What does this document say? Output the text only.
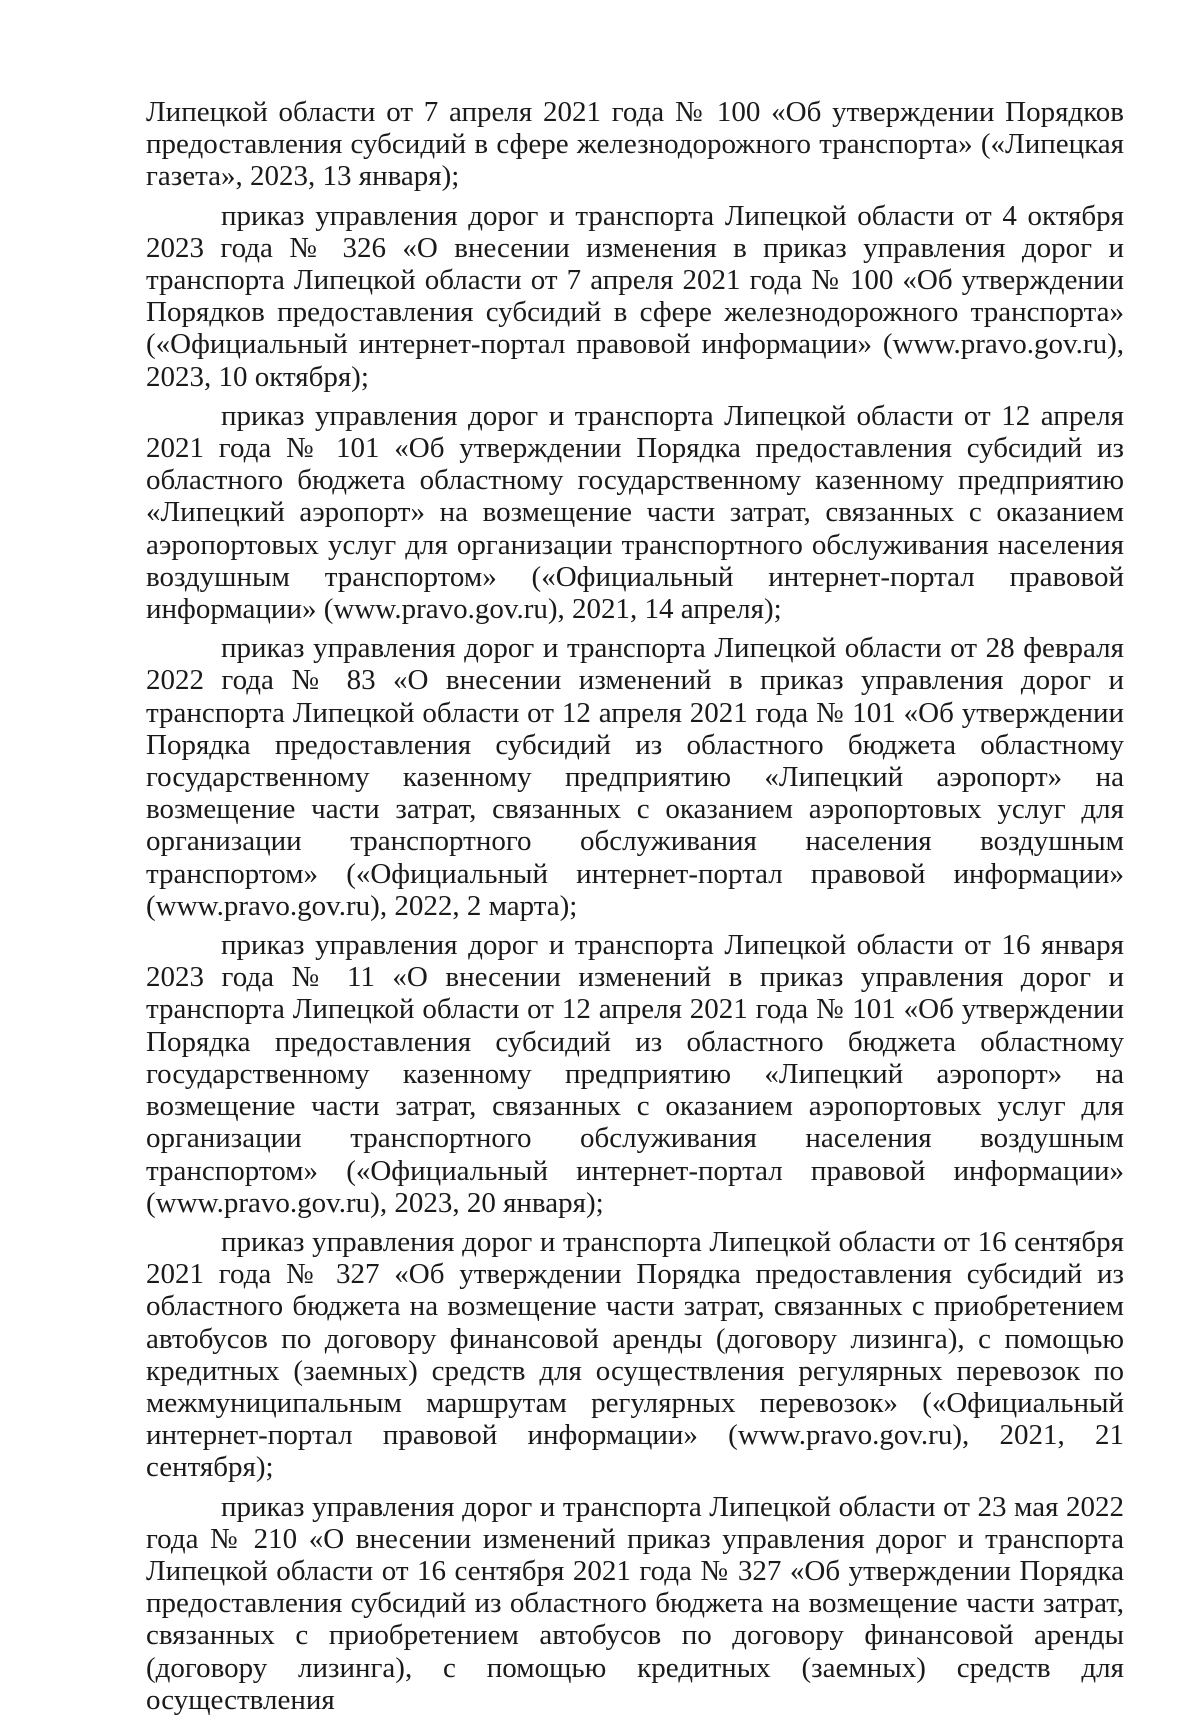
Липецкой области от 7 апреля 2021 года № 100 «Об утверждении Порядков предоставления субсидий в сфере железнодорожного транспорта» («Липецкая газета», 2023, 13 января);

приказ управления дорог и транспорта Липецкой области от 4 октября 2023 года № 326 «О внесении изменения в приказ управления дорог и транспорта Липецкой области от 7 апреля 2021 года № 100 «Об утверждении Порядков предоставления субсидий в сфере железнодорожного транспорта» («Официальный интернет-портал правовой информации» (www.pravo.gov.ru), 2023, 10 октября);

приказ управления дорог и транспорта Липецкой области от 12 апреля 2021 года № 101 «Об утверждении Порядка предоставления субсидий из областного бюджета областному государственному казенному предприятию «Липецкий аэропорт» на возмещение части затрат, связанных с оказанием аэропортовых услуг для организации транспортного обслуживания населения воздушным транспортом» («Официальный интернет-портал правовой информации» (www.pravo.gov.ru), 2021, 14 апреля);

приказ управления дорог и транспорта Липецкой области от 28 февраля 2022 года № 83 «О внесении изменений в приказ управления дорог и транспорта Липецкой области от 12 апреля 2021 года № 101 «Об утверждении Порядка предоставления субсидий из областного бюджета областному государственному казенному предприятию «Липецкий аэропорт» на возмещение части затрат, связанных с оказанием аэропортовых услуг для организации транспортного обслуживания населения воздушным транспортом» («Официальный интернет-портал правовой информации» (www.pravo.gov.ru), 2022, 2 марта);

приказ управления дорог и транспорта Липецкой области от 16 января 2023 года № 11 «О внесении изменений в приказ управления дорог и транспорта Липецкой области от 12 апреля 2021 года № 101 «Об утверждении Порядка предоставления субсидий из областного бюджета областному государственному казенному предприятию «Липецкий аэропорт» на возмещение части затрат, связанных с оказанием аэропортовых услуг для организации транспортного обслуживания населения воздушным транспортом» («Официальный интернет-портал правовой информации» (www.pravo.gov.ru), 2023, 20 января);

приказ управления дорог и транспорта Липецкой области от 16 сентября 2021 года № 327 «Об утверждении Порядка предоставления субсидий из областного бюджета на возмещение части затрат, связанных с приобретением автобусов по договору финансовой аренды (договору лизинга), с помощью кредитных (заемных) средств для осуществления регулярных перевозок по межмуниципальным маршрутам регулярных перевозок» («Официальный интернет-портал правовой информации» (www.pravo.gov.ru), 2021, 21 сентября);

приказ управления дорог и транспорта Липецкой области от 23 мая 2022 года № 210 «О внесении изменений приказ управления дорог и транспорта Липецкой области от 16 сентября 2021 года № 327 «Об утверждении Порядка предоставления субсидий из областного бюджета на возмещение части затрат, связанных с приобретением автобусов по договору финансовой аренды (договору лизинга), с помощью кредитных (заемных) средств для осуществления
